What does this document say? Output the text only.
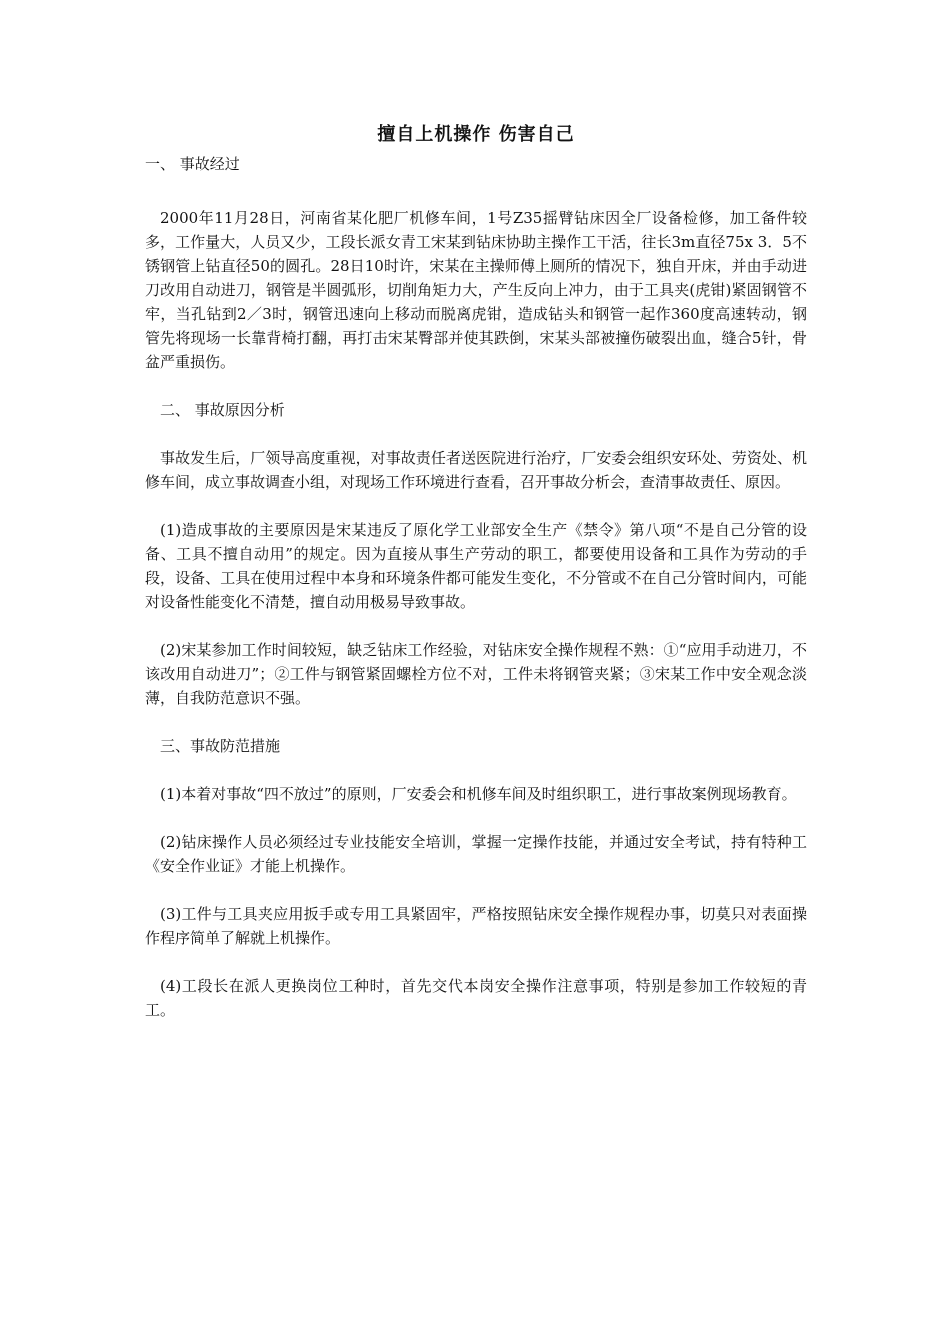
擅自上机操作 伤害自己

一、 事故经过

2000年11月28日，河南省某化肥厂机修车间，1号Z35摇臂钻床因全厂设备检修，加工备件较多，工作量大，人员又少，工段长派女青工宋某到钻床协助主操作工干活，往长3m直径75x 3．5不锈钢管上钻直径50的圆孔。28日10时许，宋某在主操师傅上厕所的情况下，独自开床，并由手动进刀改用自动进刀，钢管是半圆弧形，切削角矩力大，产生反向上冲力，由于工具夹(虎钳)紧固钢管不牢，当孔钻到2／3时，钢管迅速向上移动而脱离虎钳，造成钻头和钢管一起作360度高速转动，钢管先将现场一长靠背椅打翻，再打击宋某臀部并使其跌倒，宋某头部被撞伤破裂出血，缝合5针，骨盆严重损伤。

二、 事故原因分析

事故发生后，厂领导高度重视，对事故责任者送医院进行治疗，厂安委会组织安环处、劳资处、机修车间，成立事故调查小组，对现场工作环境进行查看，召开事故分析会，查清事故责任、原因。

(1)造成事故的主要原因是宋某违反了原化学工业部安全生产《禁令》第八项“不是自己分管的设备、工具不擅自动用”的规定。因为直接从事生产劳动的职工，都要使用设备和工具作为劳动的手段，设备、工具在使用过程中本身和环境条件都可能发生变化，不分管或不在自己分管时间内，可能对设备性能变化不清楚，擅自动用极易导致事故。

(2)宋某参加工作时间较短，缺乏钻床工作经验，对钻床安全操作规程不熟：①“应用手动进刀，不该改用自动进刀”；②工件与钢管紧固螺栓方位不对，工件未将钢管夹紧；③宋某工作中安全观念淡薄，自我防范意识不强。

三、事故防范措施

(1)本着对事故“四不放过”的原则，厂安委会和机修车间及时组织职工，进行事故案例现场教育。

(2)钻床操作人员必须经过专业技能安全培训，掌握一定操作技能，并通过安全考试，持有特种工《安全作业证》才能上机操作。

(3)工件与工具夹应用扳手或专用工具紧固牢，严格按照钻床安全操作规程办事，切莫只对表面操作程序简单了解就上机操作。

(4)工段长在派人更换岗位工种时，首先交代本岗安全操作注意事项，特别是参加工作较短的青工。
